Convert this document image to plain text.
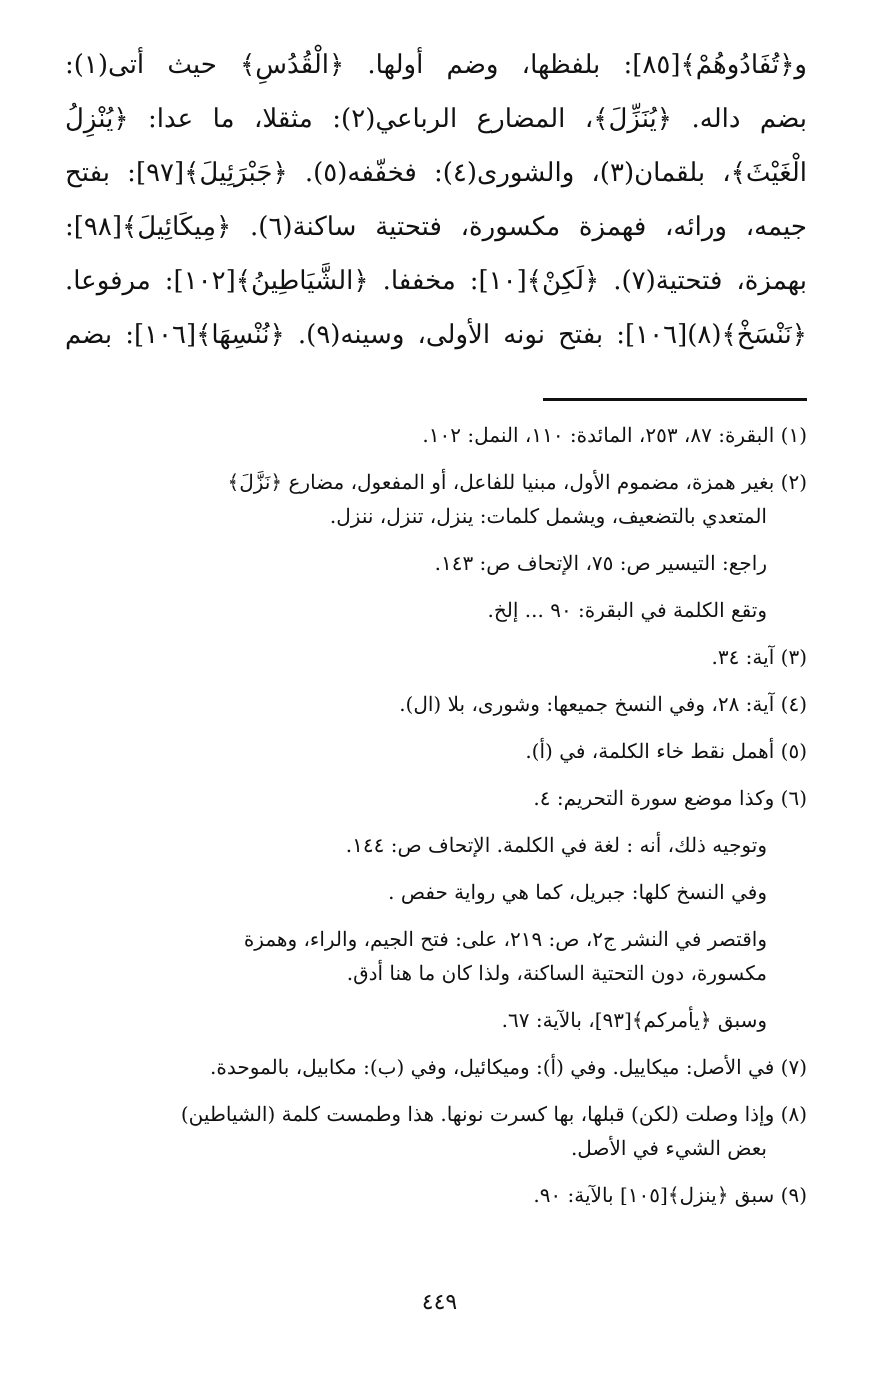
و﴿تُفَادُوهُمْ﴾[٨٥]: بلفظها، وضم أولها. ﴿الْقُدُسِ﴾ حيث أتى(١):
بضم داله. ﴿يُنَزِّلَ﴾، المضارع الرباعي(٢): مثقلا، ما عدا: ﴿يُنْزِلُ
الْغَيْثَ﴾، بلقمان(٣)، والشورى(٤): فخفّفه(٥). ﴿جَبْرَئِيلَ﴾[٩٧]: بفتح
جيمه، ورائه، فهمزة مكسورة، فتحتية ساكنة(٦). ﴿مِيكَائِيلَ﴾[٩٨]:
بهمزة، فتحتية(٧). ﴿لَكِنْ﴾[١٠]: مخففا. ﴿الشَّيَاطِينُ﴾[١٠٢]: مرفوعا.
﴿نَنْسَخْ﴾(٨)[١٠٦]: بفتح نونه الأولى، وسينه(٩). ﴿نُنْسِهَا﴾[١٠٦]: بضم
(١) البقرة: ٨٧، ٢٥٣، المائدة: ١١٠، النمل: ١٠٢.
(٢) بغير همزة، مضموم الأول، مبنيا للفاعل، أو المفعول، مضارع ﴿نَزَّلَ﴾
المتعدي بالتضعيف، ويشمل كلمات: ينزل، تنزل، ننزل.
راجع: التيسير ص: ٧٥، الإتحاف ص: ١٤٣.
وتقع الكلمة في البقرة: ٩٠ ... إلخ.
(٣) آية: ٣٤.
(٤) آية: ٢٨، وفي النسخ جميعها: وشورى، بلا (ال).
(٥) أهمل نقط خاء الكلمة، في (أ).
(٦) وكذا موضع سورة التحريم: ٤.
وتوجيه ذلك، أنه : لغة في الكلمة. الإتحاف ص: ١٤٤.
وفي النسخ كلها: جبريل، كما هي رواية حفص .
واقتصر في النشر ج٢، ص: ٢١٩، على: فتح الجيم، والراء، وهمزة
مكسورة، دون التحتية الساكنة، ولذا كان ما هنا أدق.
وسبق ﴿يأمركم﴾[٩٣]، بالآية: ٦٧.
(٧) في الأصل: ميكاييل. وفي (أ): وميكائيل، وفي (ب): مكابيل، بالموحدة.
(٨) وإذا وصلت (لكن) قبلها، بها كسرت نونها. هذا وطمست كلمة (الشياطين)
بعض الشيء في الأصل.
(٩) سبق ﴿ينزل﴾[١٠٥] بالآية: ٩٠.
٤٤٩
